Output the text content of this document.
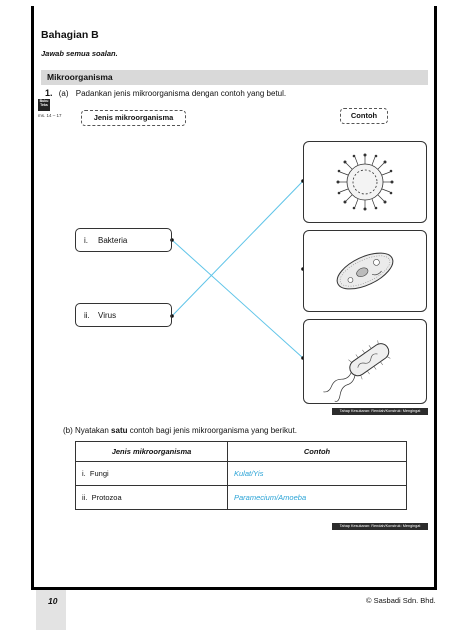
Bahagian B
Jawab semua soalan.
Mikroorganisma
1. (a) Padankan jenis mikroorganisma dengan contoh yang betul.
Buku Teks
ms. 14 – 17	Jenis mikroorganisma	Contoh
i. Bakteria
ii. Virus
Tahap Kesukaran: Rendah/Konstruk: Mengingat
(b) Nyatakan satu contoh bagi jenis mikroorganisma yang berikut.
Jenis mikroorganisma	Contoh
i. Fungi	Kulat/Yis
ii. Protozoa	Paramecium/Amoeba
Tahap Kesukaran: Rendah/Konstruk: Mengingat
10	© Sasbadi Sdn. Bhd.
